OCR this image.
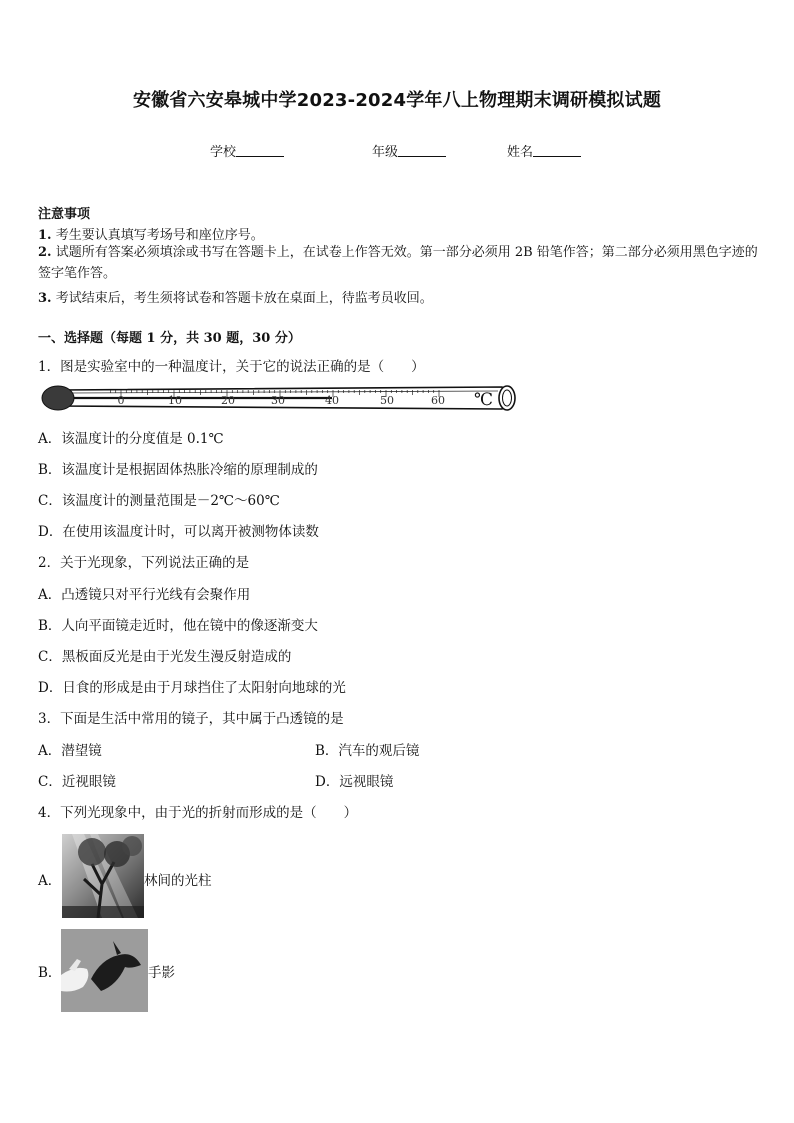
安徽省六安皋城中学2023-2024学年八上物理期末调研模拟试题
学校	年级	姓名
注意事项
1. 考生要认真填写考场号和座位序号。
2. 试题所有答案必须填涂或书写在答题卡上，在试卷上作答无效。第一部分必须用 2B 铅笔作答；第二部分必须用黑色字迹的签字笔作答。
3. 考试结束后，考生须将试卷和答题卡放在桌面上，待监考员收回。
一、选择题（每题 1 分，共 30 题，30 分）
1．图是实验室中的一种温度计，关于它的说法正确的是（　　）
0	10	20	30	40	50	60 ℃
A．该温度计的分度值是 0.1℃
B．该温度计是根据固体热胀冷缩的原理制成的
C．该温度计的测量范围是－2℃～60℃
D．在使用该温度计时，可以离开被测物体读数
2．关于光现象，下列说法正确的是
A．凸透镜只对平行光线有会聚作用
B．人向平面镜走近时，他在镜中的像逐渐变大
C．黑板面反光是由于光发生漫反射造成的
D．日食的形成是由于月球挡住了太阳射向地球的光
3．下面是生活中常用的镜子，其中属于凸透镜的是
A．潜望镜	B．汽车的观后镜
C．近视眼镜	D．远视眼镜
4．下列光现象中，由于光的折射而形成的是（　　）
A．	林间的光柱
B．	手影
